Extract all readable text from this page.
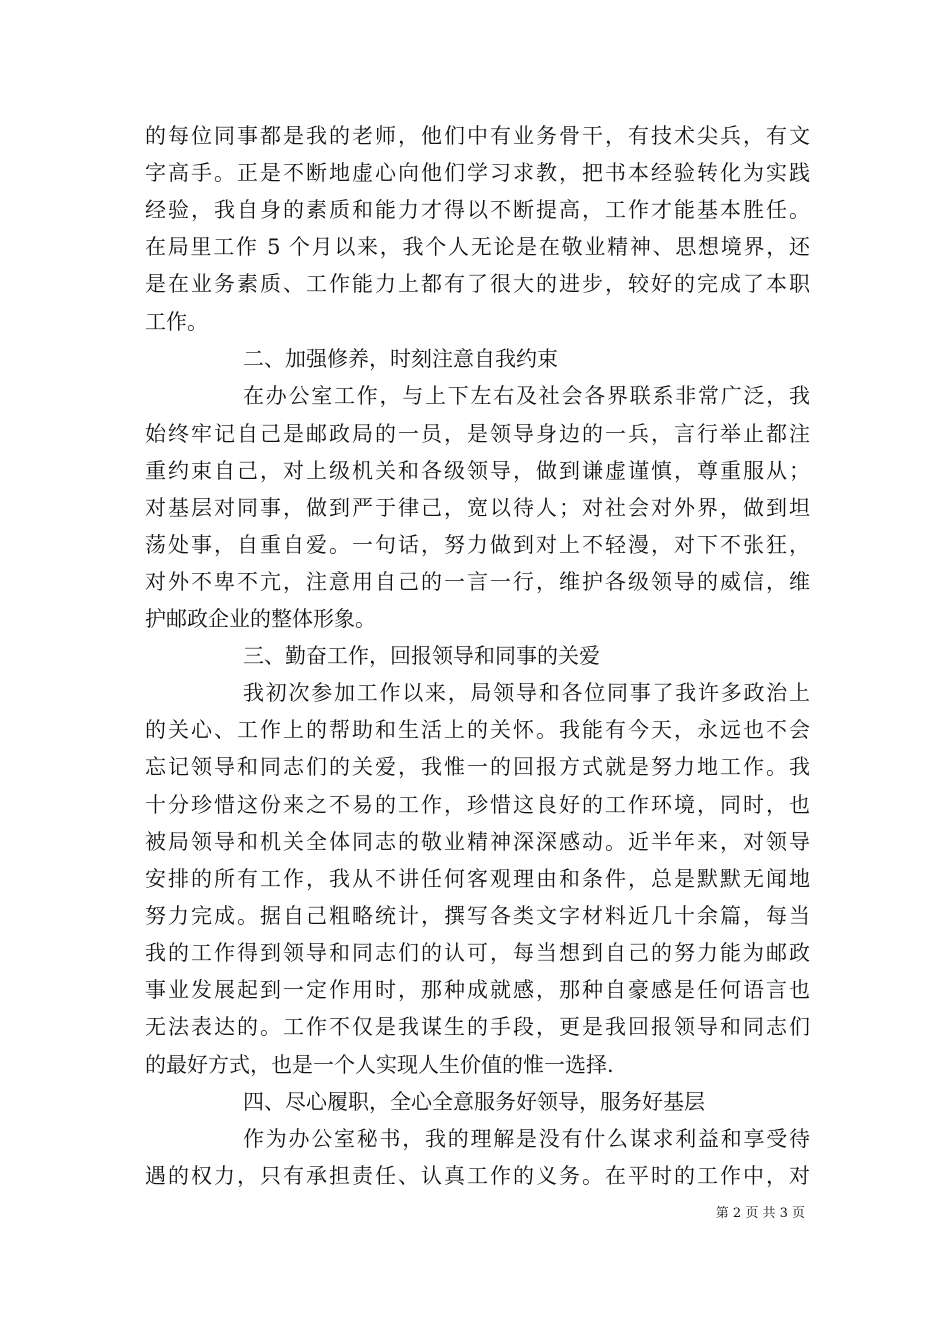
的每位同事都是我的老师，他们中有业务骨干，有技术尖兵，有文
字高手。正是不断地虚心向他们学习求教，把书本经验转化为实践
经验，我自身的素质和能力才得以不断提高，工作才能基本胜任。
在局里工作 5 个月以来，我个人无论是在敬业精神、思想境界，还
是在业务素质、工作能力上都有了很大的进步，较好的完成了本职
工作。
二、加强修养，时刻注意自我约束
在办公室工作，与上下左右及社会各界联系非常广泛，我
始终牢记自己是邮政局的一员，是领导身边的一兵，言行举止都注
重约束自己，对上级机关和各级领导，做到谦虚谨慎，尊重服从；
对基层对同事，做到严于律己，宽以待人；对社会对外界，做到坦
荡处事，自重自爱。一句话，努力做到对上不轻漫，对下不张狂，
对外不卑不亢，注意用自己的一言一行，维护各级领导的威信，维
护邮政企业的整体形象。
三、勤奋工作，回报领导和同事的关爱
我初次参加工作以来，局领导和各位同事了我许多政治上
的关心、工作上的帮助和生活上的关怀。我能有今天，永远也不会
忘记领导和同志们的关爱，我惟一的回报方式就是努力地工作。我
十分珍惜这份来之不易的工作，珍惜这良好的工作环境，同时，也
被局领导和机关全体同志的敬业精神深深感动。近半年来，对领导
安排的所有工作，我从不讲任何客观理由和条件，总是默默无闻地
努力完成。据自己粗略统计，撰写各类文字材料近几十余篇，每当
我的工作得到领导和同志们的认可，每当想到自己的努力能为邮政
事业发展起到一定作用时，那种成就感，那种自豪感是任何语言也
无法表达的。工作不仅是我谋生的手段，更是我回报领导和同志们
的最好方式，也是一个人实现人生价值的惟一选择.
四、尽心履职，全心全意服务好领导，服务好基层
作为办公室秘书，我的理解是没有什么谋求利益和享受待
遇的权力，只有承担责任、认真工作的义务。在平时的工作中，对
第 2 页 共 3 页
